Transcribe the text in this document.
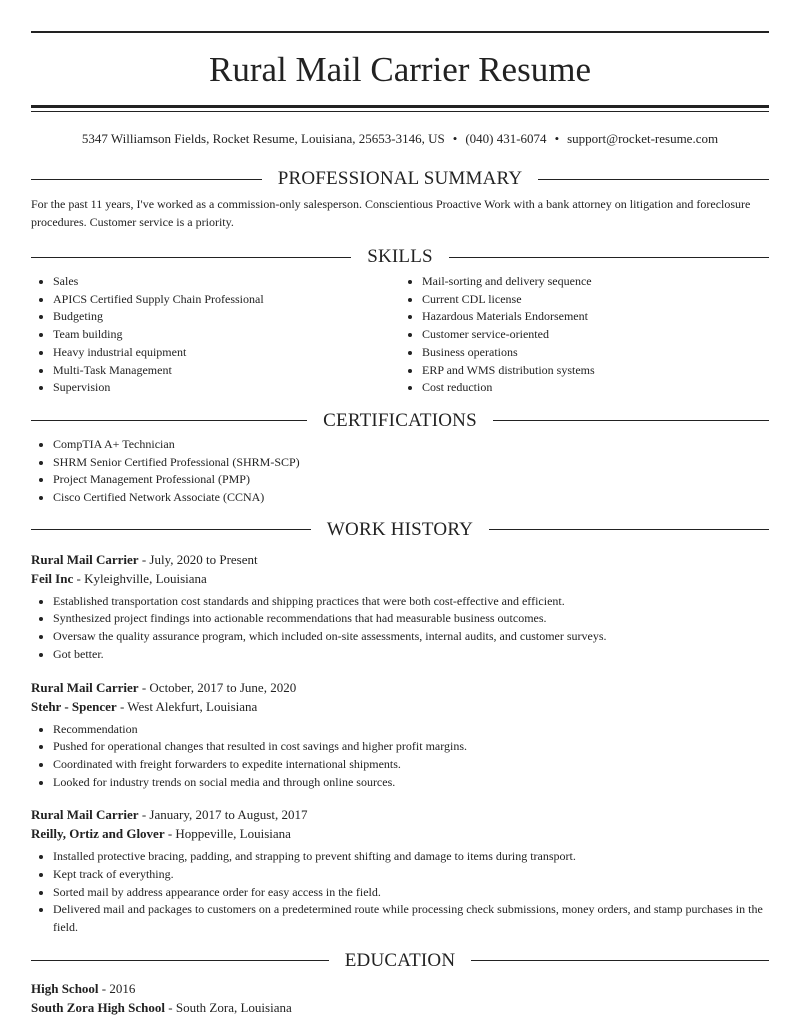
Rural Mail Carrier Resume
5347 Williamson Fields, Rocket Resume, Louisiana, 25653-3146, US • (040) 431-6074 • support@rocket-resume.com
PROFESSIONAL SUMMARY
For the past 11 years, I've worked as a commission-only salesperson. Conscientious Proactive Work with a bank attorney on litigation and foreclosure procedures. Customer service is a priority.
SKILLS
• Sales
• APICS Certified Supply Chain Professional
• Budgeting
• Team building
• Heavy industrial equipment
• Multi-Task Management
• Supervision
• Mail-sorting and delivery sequence
• Current CDL license
• Hazardous Materials Endorsement
• Customer service-oriented
• Business operations
• ERP and WMS distribution systems
• Cost reduction
CERTIFICATIONS
• CompTIA A+ Technician
• SHRM Senior Certified Professional (SHRM-SCP)
• Project Management Professional (PMP)
• Cisco Certified Network Associate (CCNA)
WORK HISTORY
Rural Mail Carrier - July, 2020 to Present
Feil Inc - Kyleighville, Louisiana
• Established transportation cost standards and shipping practices that were both cost-effective and efficient.
• Synthesized project findings into actionable recommendations that had measurable business outcomes.
• Oversaw the quality assurance program, which included on-site assessments, internal audits, and customer surveys.
• Got better.
Rural Mail Carrier - October, 2017 to June, 2020
Stehr - Spencer - West Alekfurt, Louisiana
• Recommendation
• Pushed for operational changes that resulted in cost savings and higher profit margins.
• Coordinated with freight forwarders to expedite international shipments.
• Looked for industry trends on social media and through online sources.
Rural Mail Carrier - January, 2017 to August, 2017
Reilly, Ortiz and Glover - Hoppeville, Louisiana
• Installed protective bracing, padding, and strapping to prevent shifting and damage to items during transport.
• Kept track of everything.
• Sorted mail by address appearance order for easy access in the field.
• Delivered mail and packages to customers on a predetermined route while processing check submissions, money orders, and stamp purchases in the field.
EDUCATION
High School - 2016
South Zora High School - South Zora, Louisiana
